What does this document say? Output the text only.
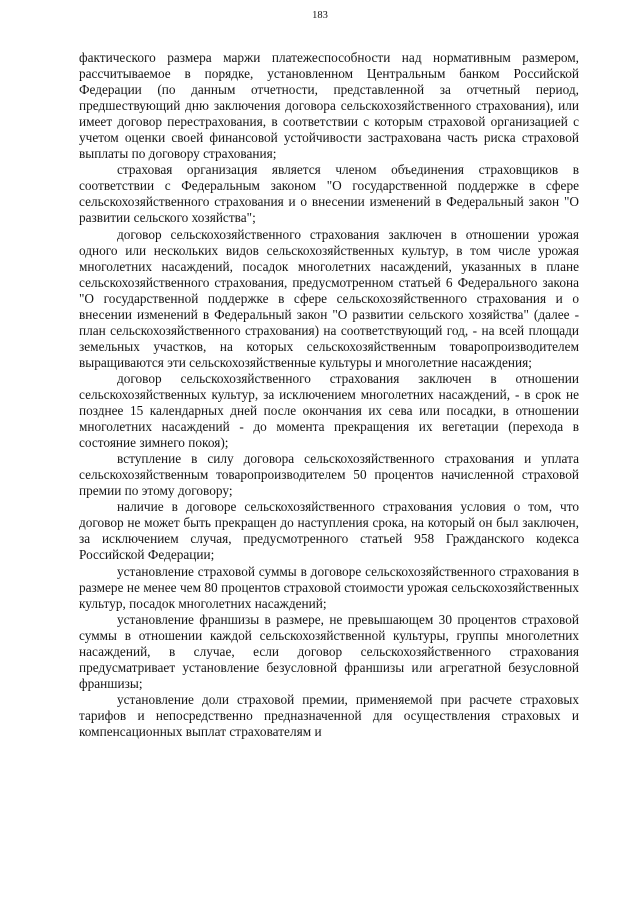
183

фактического размера маржи платежеспособности над нормативным размером, рассчитываемое в порядке, установленном Центральным банком Российской Федерации (по данным отчетности, представленной за отчетный период, предшествующий дню заключения договора сельскохозяйственного страхования), или имеет договор перестрахования, в соответствии с которым страховой организацией с учетом оценки своей финансовой устойчивости застрахована часть риска страховой выплаты по договору страхования;

страховая организация является членом объединения страховщиков в соответствии с Федеральным законом "О государственной поддержке в сфере сельскохозяйственного страхования и о внесении изменений в Федеральный закон "О развитии сельского хозяйства";

договор сельскохозяйственного страхования заключен в отношении урожая одного или нескольких видов сельскохозяйственных культур, в том числе урожая многолетних насаждений, посадок многолетних насаждений, указанных в плане сельскохозяйственного страхования, предусмотренном статьей 6 Федерального закона "О государственной поддержке в сфере сельскохозяйственного страхования и о внесении изменений в Федеральный закон "О развитии сельского хозяйства" (далее - план сельскохозяйственного страхования) на соответствующий год, - на всей площади земельных участков, на которых сельскохозяйственным товаропроизводителем выращиваются эти сельскохозяйственные культуры и многолетние насаждения;

договор сельскохозяйственного страхования заключен в отношении сельскохозяйственных культур, за исключением многолетних насаждений, - в срок не позднее 15 календарных дней после окончания их сева или посадки, в отношении многолетних насаждений - до момента прекращения их вегетации (перехода в состояние зимнего покоя);

вступление в силу договора сельскохозяйственного страхования и уплата сельскохозяйственным товаропроизводителем 50 процентов начисленной страховой премии по этому договору;

наличие в договоре сельскохозяйственного страхования условия о том, что договор не может быть прекращен до наступления срока, на который он был заключен, за исключением случая, предусмотренного статьей 958 Гражданского кодекса Российской Федерации;

установление страховой суммы в договоре сельскохозяйственного страхования в размере не менее чем 80 процентов страховой стоимости урожая сельскохозяйственных культур, посадок многолетних насаждений;

установление франшизы в размере, не превышающем 30 процентов страховой суммы в отношении каждой сельскохозяйственной культуры, группы многолетних насаждений, в случае, если договор сельскохозяйственного страхования предусматривает установление безусловной франшизы или агрегатной безусловной франшизы;

установление доли страховой премии, применяемой при расчете страховых тарифов и непосредственно предназначенной для осуществления страховых и компенсационных выплат страхователям и
